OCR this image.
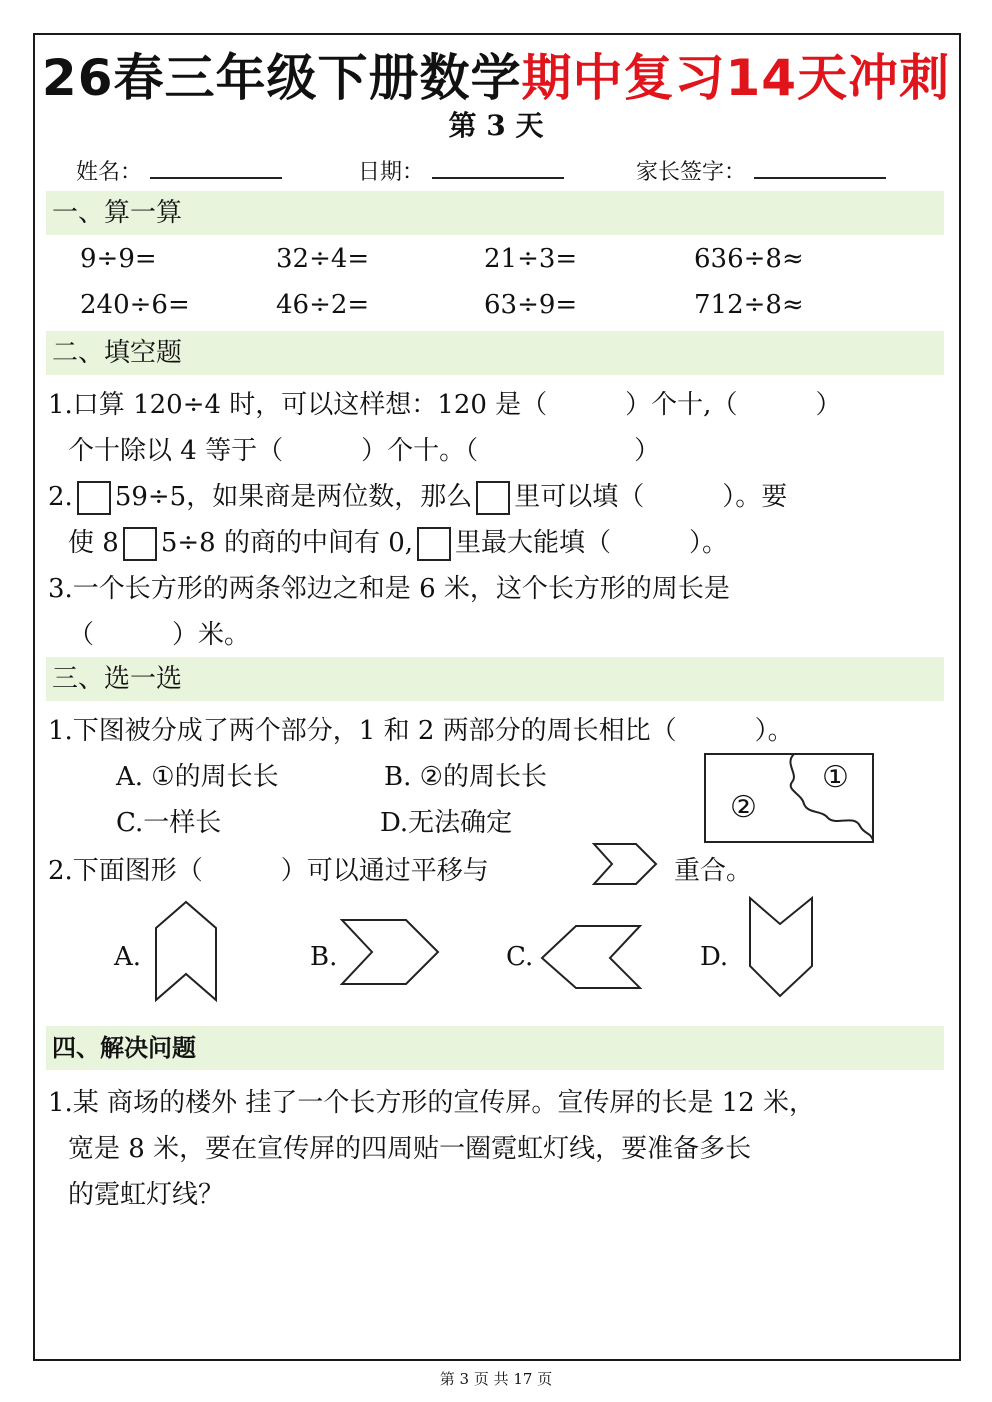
26春三年级下册数学期中复习14天冲刺
第 3 天
姓名：	日期：	家长签字：
一、算一算
9÷9=	32÷4=	21÷3=	636÷8≈
240÷6=	46÷2=	63÷9=	712÷8≈
二、填空题
1.口算 120÷4 时，可以这样想：120 是（　　　）个十,（　　　）
个十除以 4 等于（　　　）个十。（　　　　　　）
2. 59÷5，如果商是两位数，那么 里可以填（　　　）。要
使 8 5÷8 的商的中间有 0, 里最大能填（　　　）。
3.一个长方形的两条邻边之和是 6 米，这个长方形的周长是
（　　　）米。
三、选一选
1.下图被分成了两个部分，1 和 2 两部分的周长相比（　　　）。
A. ①的周长长	B. ②的周长长
C.一样长	D.无法确定
①
②
2.下面图形（　　　）可以通过平移与	重合。
A.	B.	C.	D.
四、解决问题
1.某 商场的楼外 挂了一个长方形的宣传屏。宣传屏的长是 12 米，
宽是 8 米，要在宣传屏的四周贴一圈霓虹灯线，要准备多长
的霓虹灯线？
第 3 页 共 17 页
